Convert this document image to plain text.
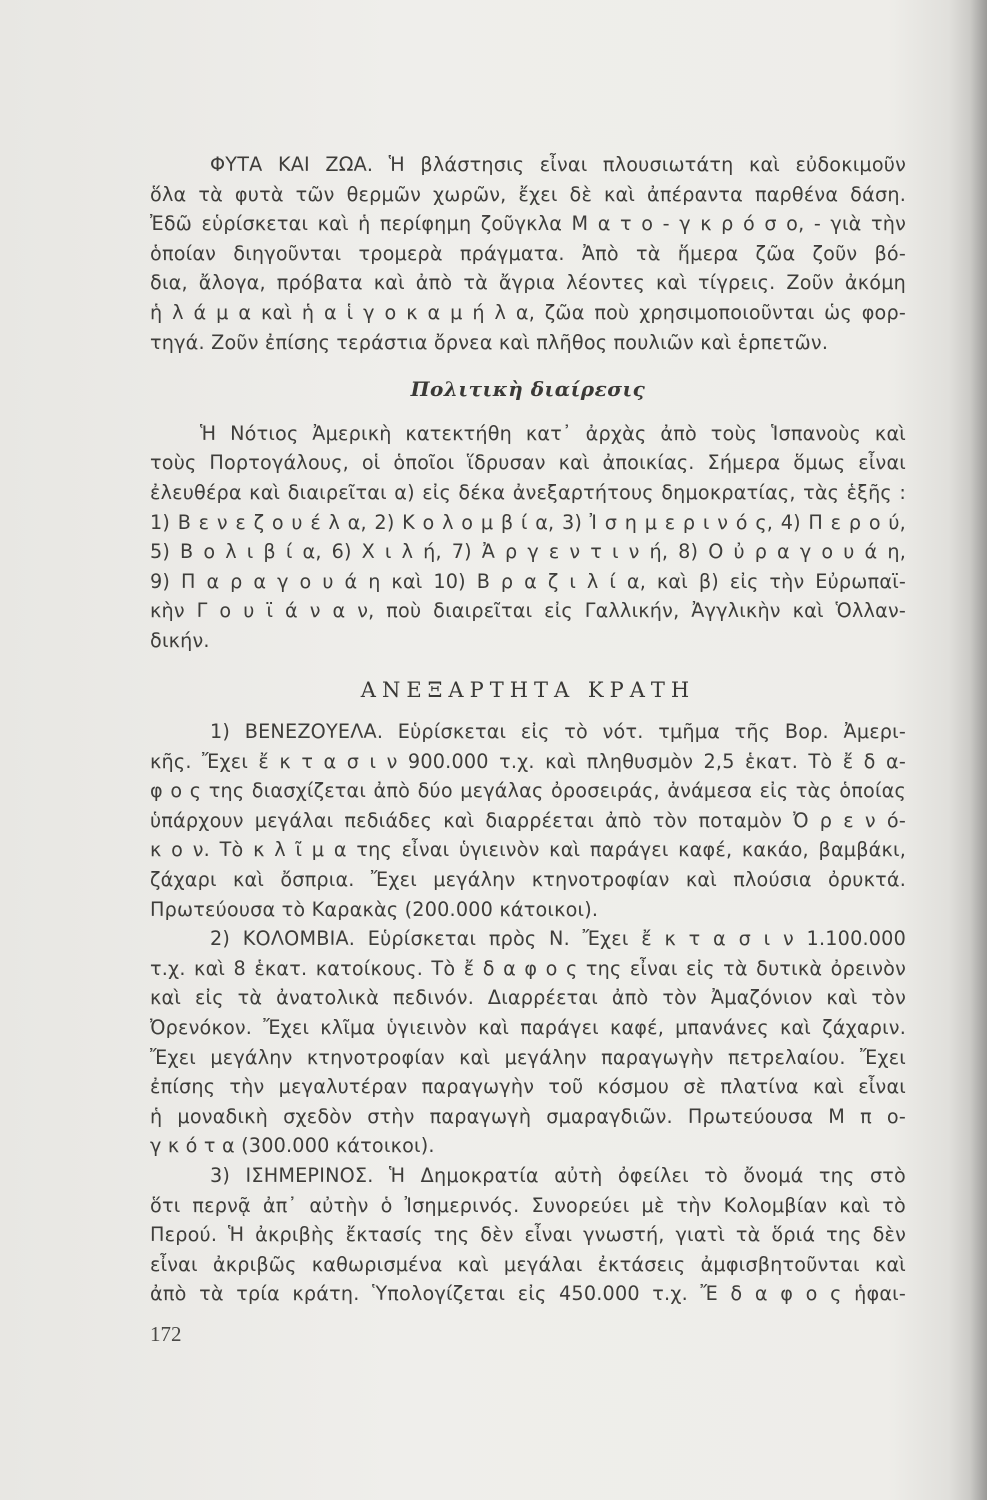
ΦΥΤΑ ΚΑΙ ΖΩΑ. Ἡ βλάστησις εἶναι πλουσιωτάτη καὶ εὐδοκιμοῦν
ὅλα τὰ φυτὰ τῶν θερμῶν χωρῶν, ἔχει δὲ καὶ ἀπέραντα παρθένα δάση.
Ἐδῶ εὑρίσκεται καὶ ἡ περίφημη ζοῦγκλα Μ α τ ο - γ κ ρ ό σ ο, - γιὰ τὴν
ὁποίαν διηγοῦνται τρομερὰ πράγματα. Ἀπὸ τὰ ἥμερα ζῶα ζοῦν βό-
δια, ἄλογα, πρόβατα καὶ ἀπὸ τὰ ἄγρια λέοντες καὶ τίγρεις. Ζοῦν ἀκόμη
ἡ λ ά μ α καὶ ἡ α ἱ γ ο κ α μ ή λ α, ζῶα ποὺ χρησιμοποιοῦνται ὡς φορ-
τηγά. Ζοῦν ἐπίσης τεράστια ὄρνεα καὶ πλῆθος πουλιῶν καὶ ἑρπετῶν.
Πολιτικὴ διαίρεσις
Ἡ Νότιος Ἀμερικὴ κατεκτήθη κατ᾽ ἀρχὰς ἀπὸ τοὺς Ἱσπανοὺς καὶ
τοὺς Πορτογάλους, οἱ ὁποῖοι ἵδρυσαν καὶ ἀποικίας. Σήμερα ὅμως εἶναι
ἐλευθέρα καὶ διαιρεῖται α) εἰς δέκα ἀνεξαρτήτους δημοκρατίας, τὰς ἑξῆς :
1) Β ε ν ε ζ ο υ έ λ α, 2) Κ ο λ ο μ β ί α, 3) Ἰ σ η μ ε ρ ι ν ό ς, 4) Π ε ρ ο ύ,
5) Β ο λ ι β ί α, 6) Χ ι λ ή, 7) Ἀ ρ γ ε ν τ ι ν ή, 8) Ο ὐ ρ α γ ο υ ά η,
9) Π α ρ α γ ο υ ά η καὶ 10) Β ρ α ζ ι λ ί α, καὶ β) εἰς τὴν Εὐρωπαϊ-
κὴν Γ ο υ ϊ ά ν α ν, ποὺ διαιρεῖται εἰς Γαλλικήν, Ἀγγλικὴν καὶ Ὁλλαν-
δικήν.
ΑΝΕΞΑΡΤΗΤΑ ΚΡΑΤΗ
1) ΒΕΝΕΖΟΥΕΛΑ. Εὑρίσκεται εἰς τὸ νότ. τμῆμα τῆς Βορ. Ἀμερι-
κῆς. Ἔχει ἔ κ τ α σ ι ν 900.000 τ.χ. καὶ πληθυσμὸν 2,5 ἑκατ. Τὸ ἔ δ α-
φ ο ς της διασχίζεται ἀπὸ δύο μεγάλας ὀροσειράς, ἀνάμεσα εἰς τὰς ὁποίας
ὑπάρχουν μεγάλαι πεδιάδες καὶ διαρρέεται ἀπὸ τὸν ποταμὸν Ὀ ρ ε ν ό-
κ ο ν. Τὸ κ λ ῖ μ α της εἶναι ὑγιεινὸν καὶ παράγει καφέ, κακάο, βαμβάκι,
ζάχαρι καὶ ὄσπρια. Ἔχει μεγάλην κτηνοτροφίαν καὶ πλούσια ὀρυκτά.
Πρωτεύουσα τὸ Καρακὰς (200.000 κάτοικοι).
2) ΚΟΛΟΜΒΙΑ. Εὑρίσκεται πρὸς Ν. Ἔχει ἔ κ τ α σ ι ν 1.100.000
τ.χ. καὶ 8 ἑκατ. κατοίκους. Τὸ ἔ δ α φ ο ς της εἶναι εἰς τὰ δυτικὰ ὀρεινὸν
καὶ εἰς τὰ ἀνατολικὰ πεδινόν. Διαρρέεται ἀπὸ τὸν Ἀμαζόνιον καὶ τὸν
Ὀρενόκον. Ἔχει κλῖμα ὑγιεινὸν καὶ παράγει καφέ, μπανάνες καὶ ζάχαριν.
Ἔχει μεγάλην κτηνοτροφίαν καὶ μεγάλην παραγωγὴν πετρελαίου. Ἔχει
ἐπίσης τὴν μεγαλυτέραν παραγωγὴν τοῦ κόσμου σὲ πλατίνα καὶ εἶναι
ἡ μοναδικὴ σχεδὸν στὴν παραγωγὴ σμαραγδιῶν. Πρωτεύουσα Μ π ο-
γ κ ό τ α (300.000 κάτοικοι).
3) ΙΣΗΜΕΡΙΝΟΣ. Ἡ Δημοκρατία αὐτὴ ὀφείλει τὸ ὄνομά της στὸ
ὅτι περνᾷ ἀπ᾽ αὐτὴν ὁ Ἰσημερινός. Συνορεύει μὲ τὴν Κολομβίαν καὶ τὸ
Περού. Ἡ ἀκριβὴς ἔκτασίς της δὲν εἶναι γνωστή, γιατὶ τὰ ὅριά της δὲν
εἶναι ἀκριβῶς καθωρισμένα καὶ μεγάλαι ἐκτάσεις ἀμφισβητοῦνται καὶ
ἀπὸ τὰ τρία κράτη. Ὑπολογίζεται εἰς 450.000 τ.χ. Ἔ δ α φ ο ς ἡφαι-
172
